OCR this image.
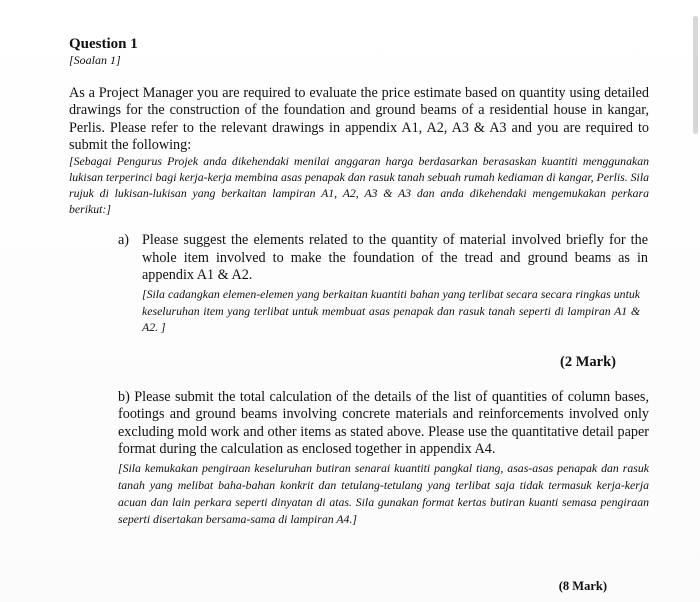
Question 1
[Soalan 1]

As a Project Manager you are required to evaluate the price estimate based on quantity using detailed drawings for the construction of the foundation and ground beams of a residential house in kangar, Perlis. Please refer to the relevant drawings in appendix A1, A2, A3 & A3 and you are required to submit the following:

[Sebagai Pengurus Projek anda dikehendaki menilai anggaran harga berdasarkan berasaskan kuantiti menggunakan lukisan terperinci bagi kerja-kerja membina asas penapak dan rasuk tanah sebuah rumah kediaman di kangar, Perlis. Sila rujuk di lukisan-lukisan yang berkaitan lampiran A1, A2, A3 & A3 dan anda dikehendaki mengemukakan perkara berikut:]

a) Please suggest the elements related to the quantity of material involved briefly for the whole item involved to make the foundation of the tread and ground beams as in appendix A1 & A2.

[Sila cadangkan elemen-elemen yang berkaitan kuantiti bahan yang terlibat secara secara ringkas untuk keseluruhan item yang terlibat untuk membuat asas penapak dan rasuk tanah seperti di lampiran A1 & A2. ]

(2 Mark)

b) Please submit the total calculation of the details of the list of quantities of column bases, footings and ground beams involving concrete materials and reinforcements involved only excluding mold work and other items as stated above. Please use the quantitative detail paper format during the calculation as enclosed together in appendix A4.

[Sila kemukakan pengiraan keseluruhan butiran senarai kuantiti pangkal tiang, asas-asas penapak dan rasuk tanah yang melibat baha-bahan konkrit dan tetulang-tetulang yang terlibat saja tidak termasuk kerja-kerja acuan dan lain perkara seperti dinyatan di atas. Sila gunakan format kertas butiran kuanti semasa pengiraan seperti disertakan bersama-sama di lampiran A4.]

(8 Mark)
